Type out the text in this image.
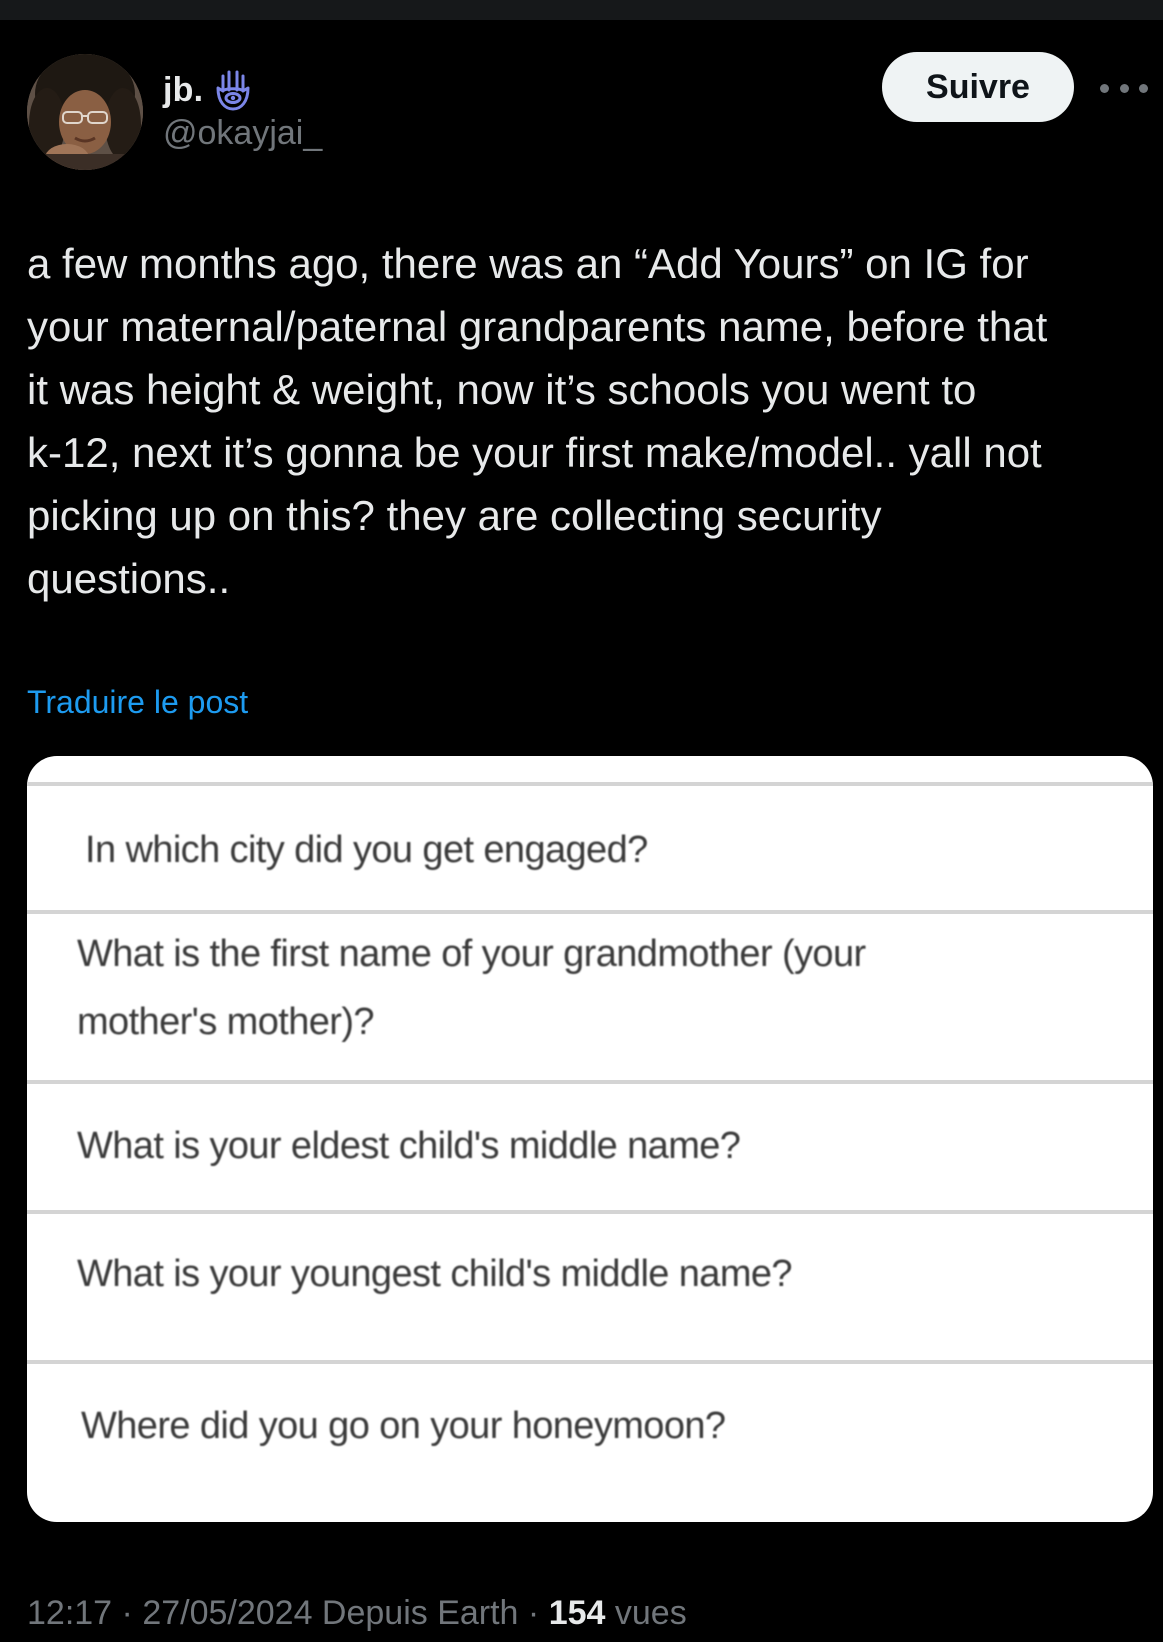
jb.
@okayjai_
Suivre
a few months ago, there was an “Add Yours” on IG for
your maternal/paternal grandparents name, before that
it was height & weight, now it’s schools you went to
k-12, next it’s gonna be your first make/model.. yall not
picking up on this? they are collecting security
questions..
Traduire le post
In which city did you get engaged?
What is the first name of your grandmother (your
mother's mother)?
What is your eldest child's middle name?
What is your youngest child's middle name?
Where did you go on your honeymoon?
12:17 · 27/05/2024 Depuis Earth · 154 vues
